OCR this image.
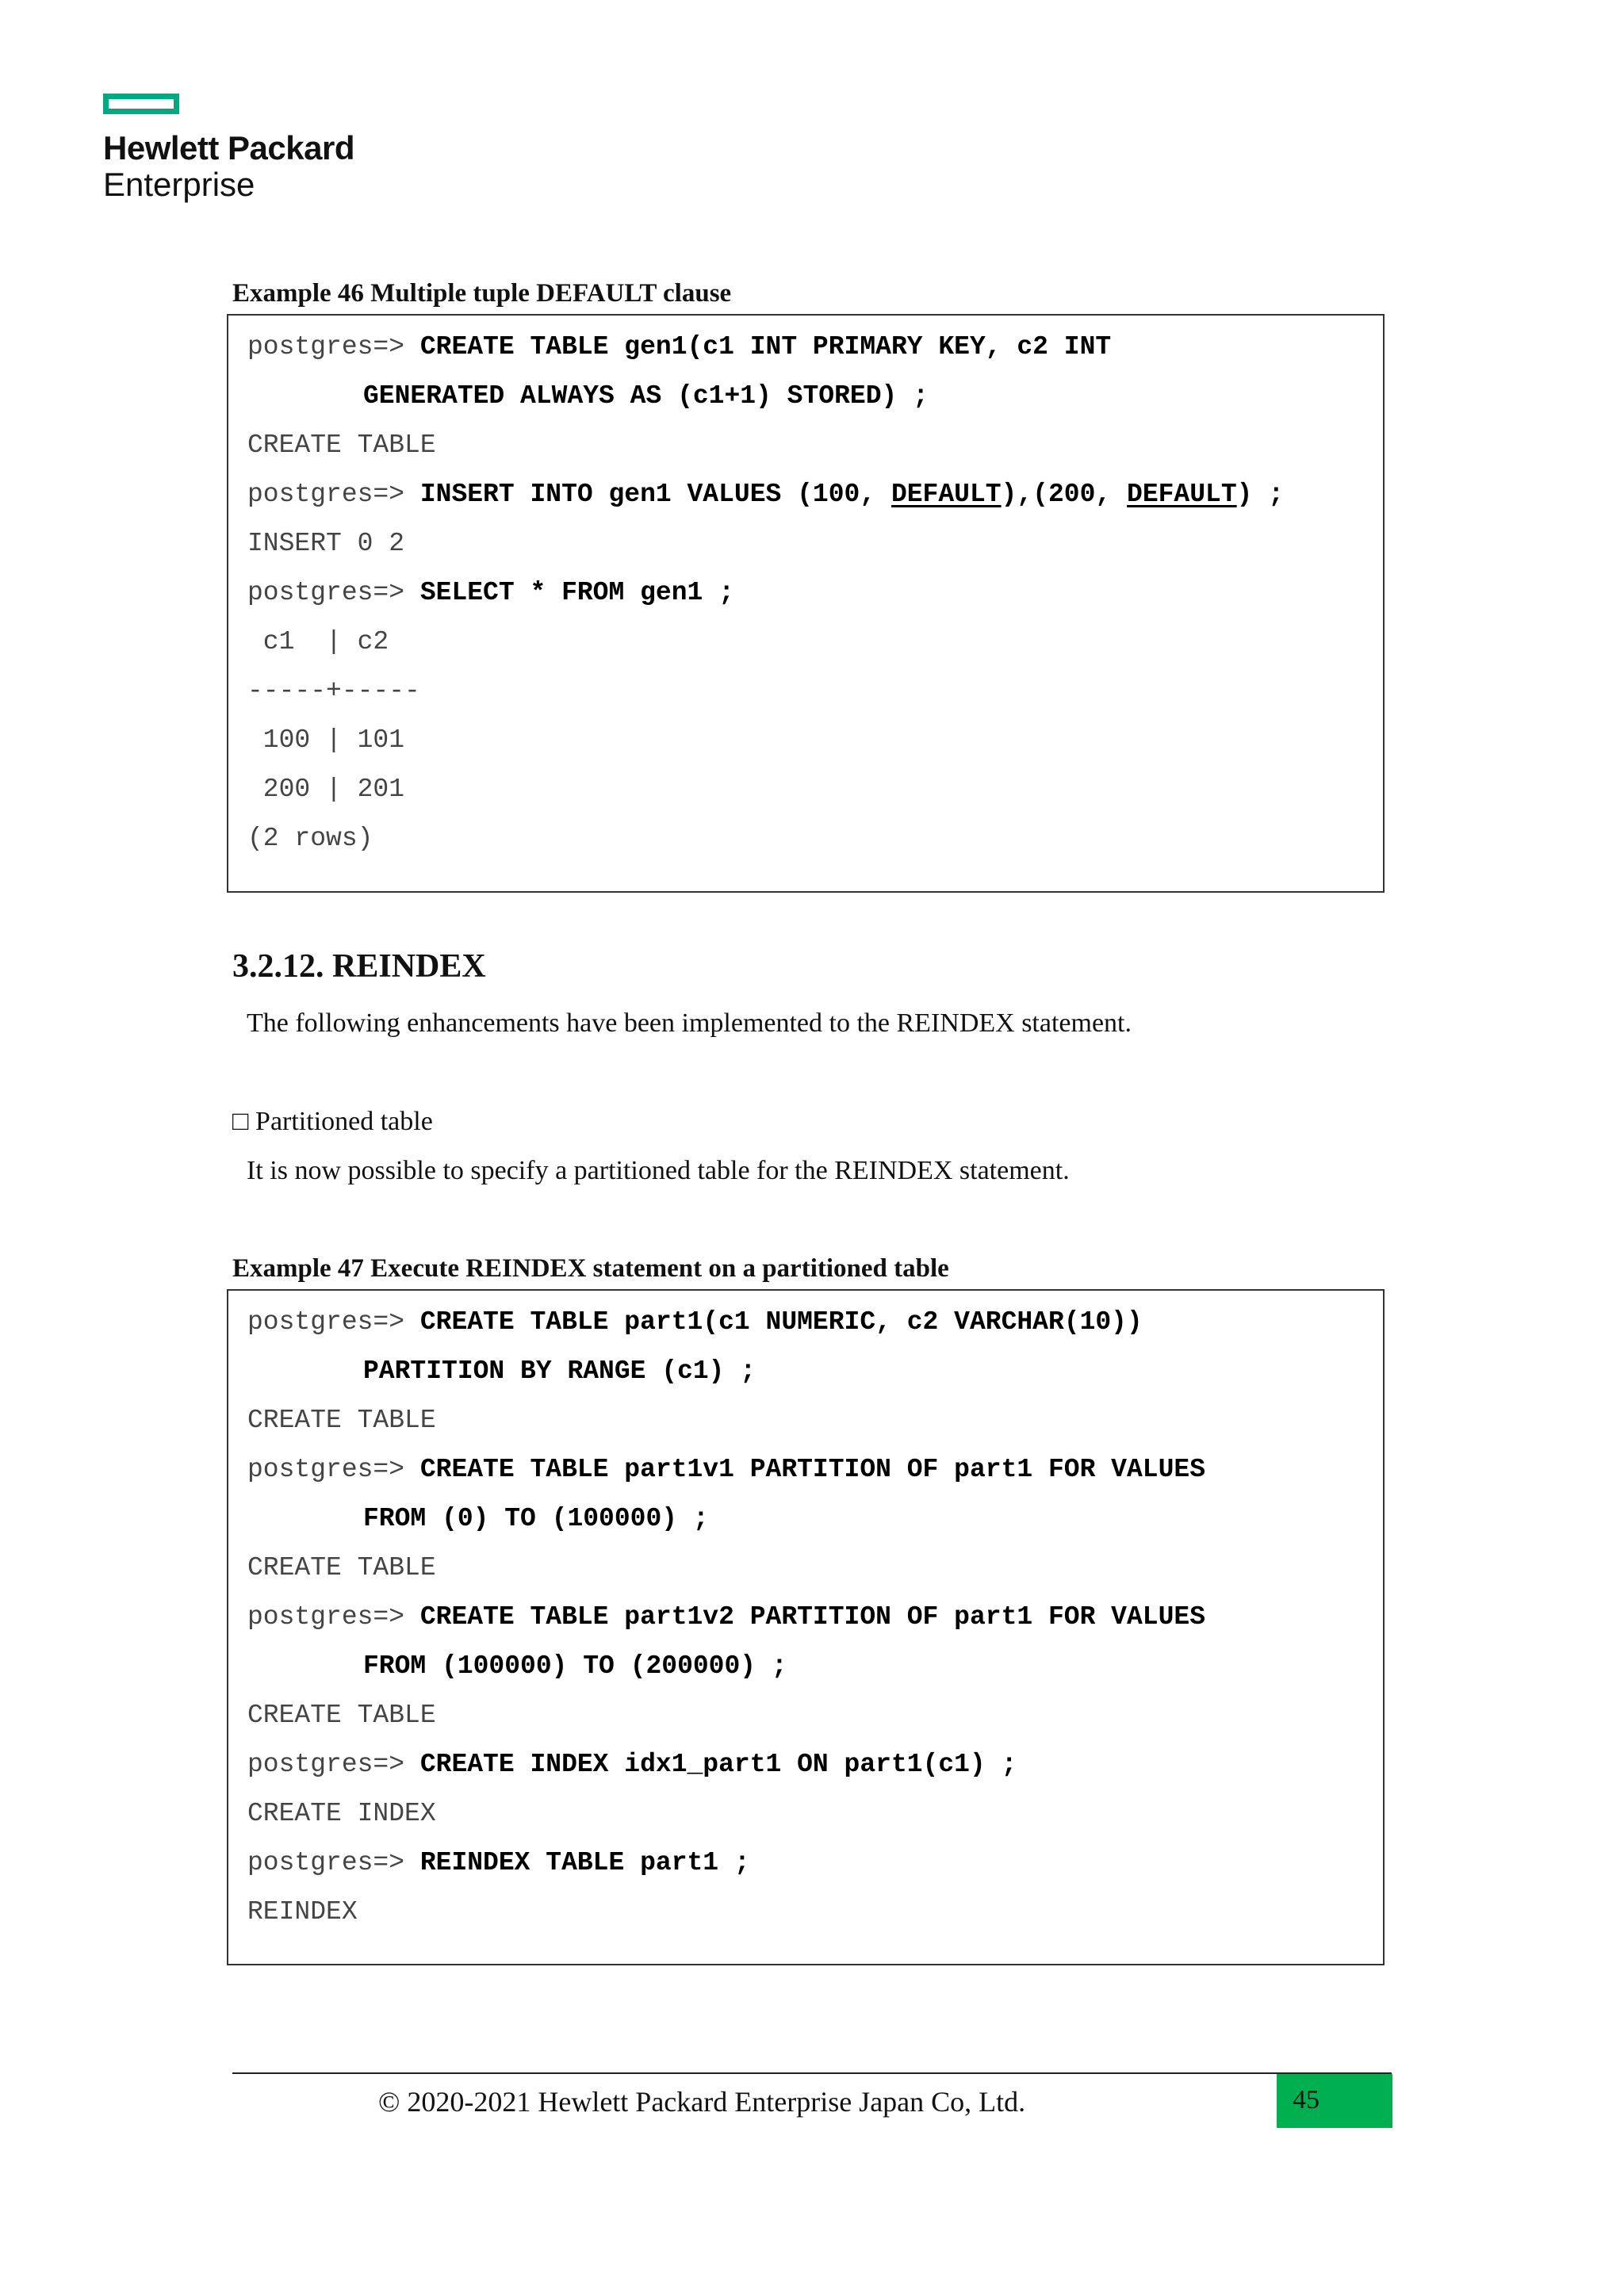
Hewlett Packard
Enterprise
Example 46 Multiple tuple DEFAULT clause
postgres=> CREATE TABLE gen1(c1 INT PRIMARY KEY, c2 INT
GENERATED ALWAYS AS (c1+1) STORED) ;
CREATE TABLE
postgres=> INSERT INTO gen1 VALUES (100, DEFAULT),(200, DEFAULT) ;
INSERT 0 2
postgres=> SELECT * FROM gen1 ;
c1  | c2
-----+-----
100 | 101
200 | 201
(2 rows)
3.2.12. REINDEX
The following enhancements have been implemented to the REINDEX statement.
□ Partitioned table
It is now possible to specify a partitioned table for the REINDEX statement.
Example 47 Execute REINDEX statement on a partitioned table
postgres=> CREATE TABLE part1(c1 NUMERIC, c2 VARCHAR(10))
PARTITION BY RANGE (c1) ;
CREATE TABLE
postgres=> CREATE TABLE part1v1 PARTITION OF part1 FOR VALUES
FROM (0) TO (100000) ;
CREATE TABLE
postgres=> CREATE TABLE part1v2 PARTITION OF part1 FOR VALUES
FROM (100000) TO (200000) ;
CREATE TABLE
postgres=> CREATE INDEX idx1_part1 ON part1(c1) ;
CREATE INDEX
postgres=> REINDEX TABLE part1 ;
REINDEX
© 2020-2021 Hewlett Packard Enterprise Japan Co, Ltd.	45
